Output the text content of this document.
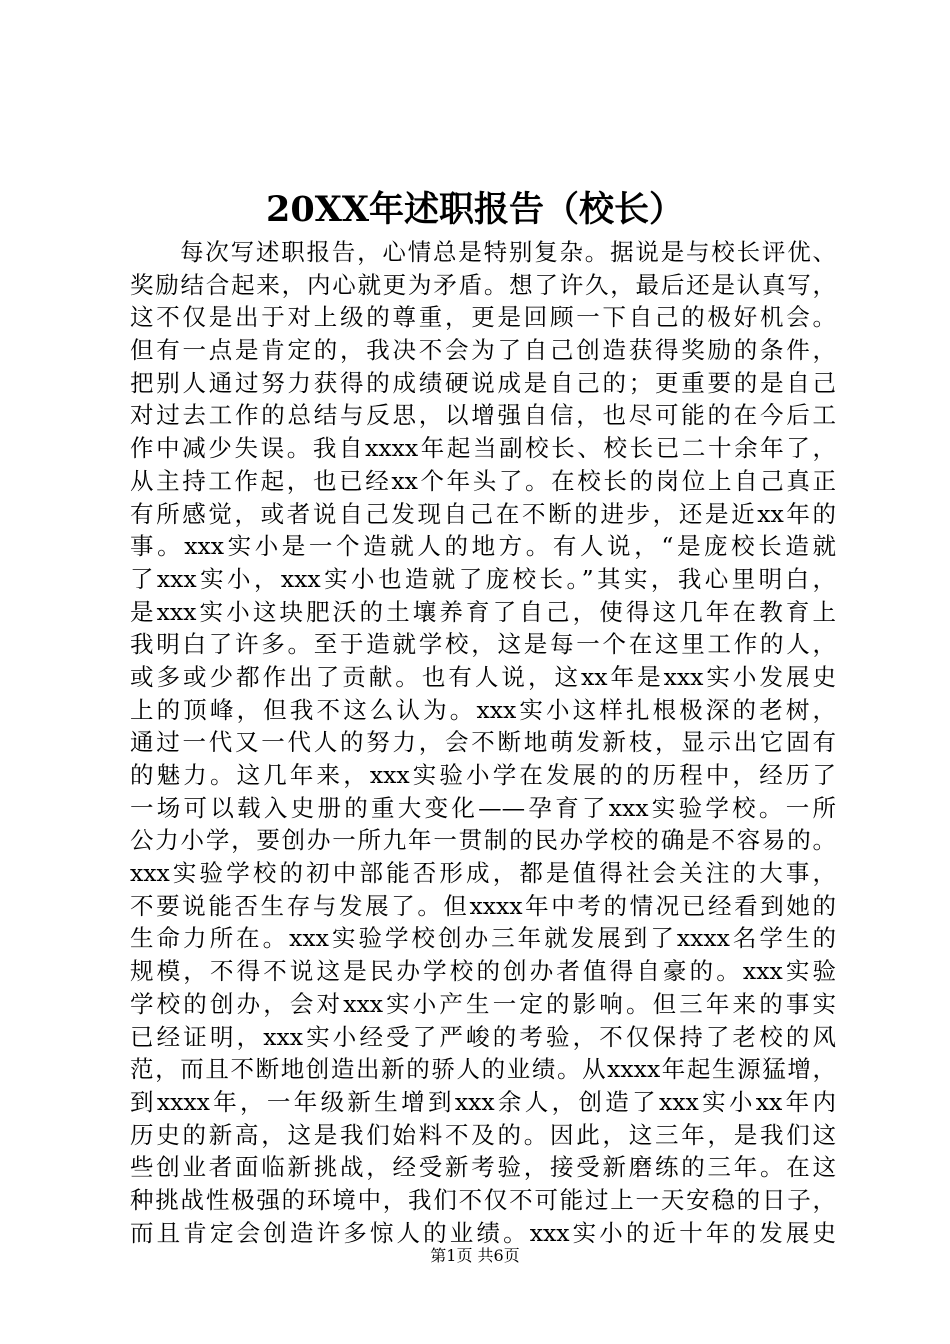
20XX年述职报告（校长）
每次写述职报告，心情总是特别复杂。据说是与校长评优、
奖励结合起来，内心就更为矛盾。想了许久，最后还是认真写，
这不仅是出于对上级的尊重，更是回顾一下自己的极好机会。
但有一点是肯定的，我决不会为了自己创造获得奖励的条件，
把别人通过努力获得的成绩硬说成是自己的；更重要的是自己
对过去工作的总结与反思，以增强自信，也尽可能的在今后工
作中减少失误。我自xxxx年起当副校长、校长已二十余年了，
从主持工作起，也已经xx个年头了。在校长的岗位上自己真正
有所感觉，或者说自己发现自己在不断的进步，还是近xx年的
事。xxx实小是一个造就人的地方。有人说，“是庞校长造就
了xxx实小，xxx实小也造就了庞校长。”其实，我心里明白，
是xxx实小这块肥沃的土壤养育了自己，使得这几年在教育上
我明白了许多。至于造就学校，这是每一个在这里工作的人，
或多或少都作出了贡献。也有人说，这xx年是xxx实小发展史
上的顶峰，但我不这么认为。xxx实小这样扎根极深的老树，
通过一代又一代人的努力，会不断地萌发新枝，显示出它固有
的魅力。这几年来，xxx实验小学在发展的的历程中，经历了
一场可以载入史册的重大变化——孕育了xxx实验学校。一所
公力小学，要创办一所九年一贯制的民办学校的确是不容易的。
xxx实验学校的初中部能否形成，都是值得社会关注的大事，
不要说能否生存与发展了。但xxxx年中考的情况已经看到她的
生命力所在。xxx实验学校创办三年就发展到了xxxx名学生的
规模，不得不说这是民办学校的创办者值得自豪的。xxx实验
学校的创办，会对xxx实小产生一定的影响。但三年来的事实
已经证明，xxx实小经受了严峻的考验，不仅保持了老校的风
范，而且不断地创造出新的骄人的业绩。从xxxx年起生源猛增，
到xxxx年，一年级新生增到xxx余人，创造了xxx实小xx年内
历史的新高，这是我们始料不及的。因此，这三年，是我们这
些创业者面临新挑战，经受新考验，接受新磨练的三年。在这
种挑战性极强的环境中，我们不仅不可能过上一天安稳的日子，
而且肯定会创造许多惊人的业绩。xxx实小的近十年的发展史
第1页 共6页
